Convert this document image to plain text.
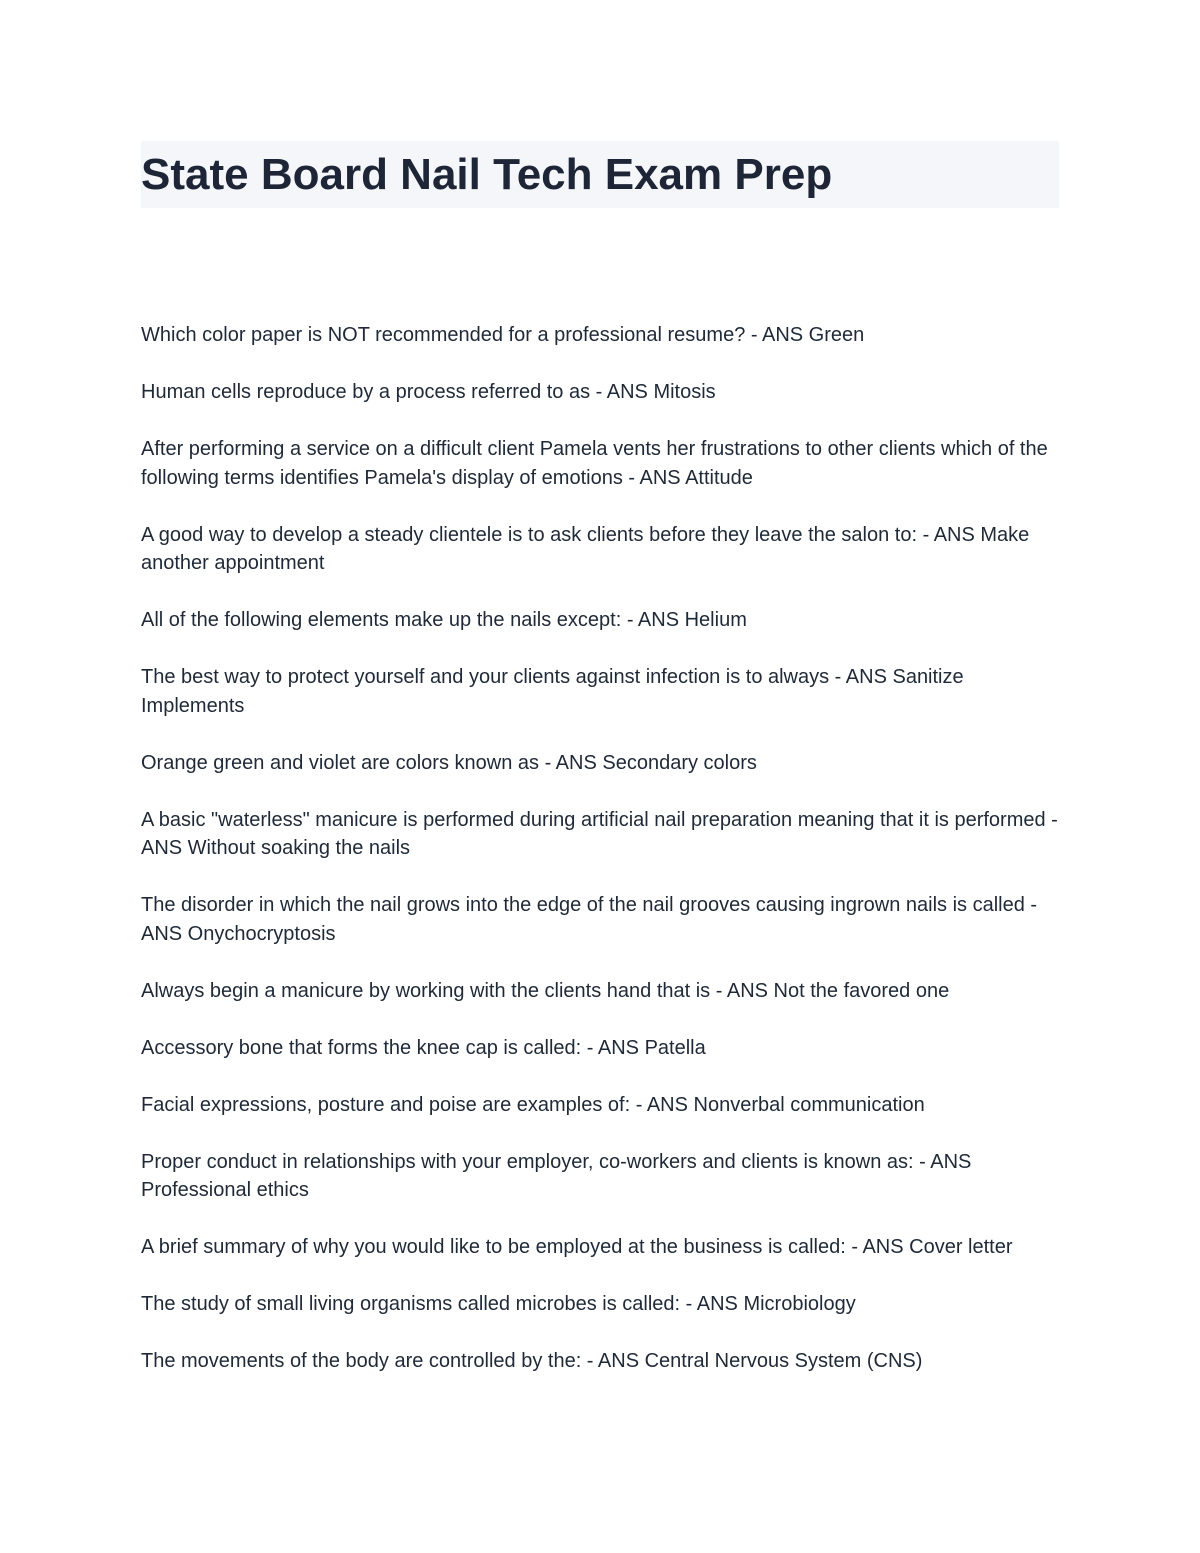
State Board Nail Tech Exam Prep
Which color paper is NOT recommended for a professional resume? - ANS Green
Human cells reproduce by a process referred to as - ANS Mitosis
After performing a service on a difficult client Pamela vents her frustrations to other clients which of the following terms identifies Pamela's display of emotions - ANS Attitude
A good way to develop a steady clientele is to ask clients before they leave the salon to: - ANS Make another appointment
All of the following elements make up the nails except: - ANS Helium
The best way to protect yourself and your clients against infection is to always - ANS Sanitize Implements
Orange green and violet are colors known as - ANS Secondary colors
A basic "waterless" manicure is performed during artificial nail preparation meaning that it is performed - ANS Without soaking the nails
The disorder in which the nail grows into the edge of the nail grooves causing ingrown nails is called - ANS Onychocryptosis
Always begin a manicure by working with the clients hand that is - ANS Not the favored one
Accessory bone that forms the knee cap is called: - ANS Patella
Facial expressions, posture and poise are examples of: - ANS Nonverbal communication
Proper conduct in relationships with your employer, co-workers and clients is known as: - ANS Professional ethics
A brief summary of why you would like to be employed at the business is called: - ANS Cover letter
The study of small living organisms called microbes is called: - ANS Microbiology
The movements of the body are controlled by the: - ANS Central Nervous System (CNS)
